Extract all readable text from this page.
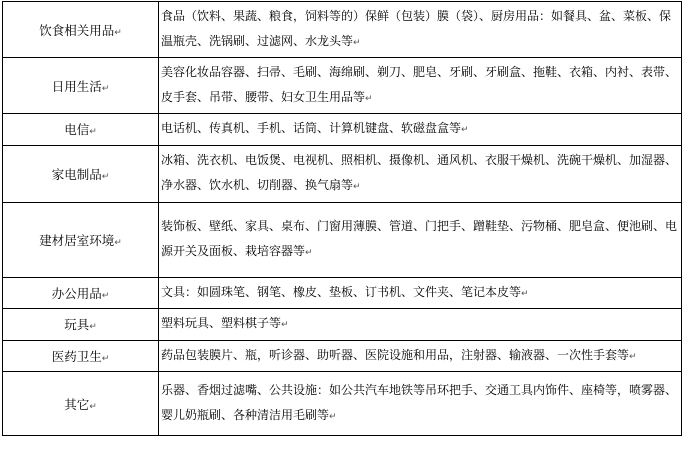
饮食相关用品↵	食品（饮料、果蔬、粮食，饲料等的）保鲜（包装）膜（袋）、厨房用品：如餐具、盆、菜板、保温瓶壳、洗锅刷、过滤网、水龙头等↵
日用生活↵	美容化妆品容器、扫帚、毛刷、海绵刷、剃刀、肥皂、牙刷、牙刷盒、拖鞋、衣箱、内衬、表带、皮手套、吊带、腰带、妇女卫生用品等↵
电信↵	电话机、传真机、手机、话筒、计算机键盘、软磁盘盒等↵
家电制品↵	冰箱、洗衣机、电饭煲、电视机、照相机、摄像机、通风机、衣服干燥机、洗碗干燥机、加湿器、净水器、饮水机、切削器、换气扇等↵
建材居室环境↵	装饰板、壁纸、家具、桌布、门窗用薄膜、管道、门把手、蹭鞋垫、污物桶、肥皂盒、便池刷、电源开关及面板、栽培容器等↵
办公用品↵	文具：如圆珠笔、钢笔、橡皮、垫板、订书机、文件夹、笔记本皮等↵
玩具↵	塑料玩具、塑料棋子等↵
医药卫生↵	药品包装膜片、瓶，听诊器、助听器、医院设施和用品，注射器、输液器、一次性手套等↵
其它↵	乐器、香烟过滤嘴、公共设施：如公共汽车地铁等吊环把手、交通工具内饰件、座椅等，喷雾器、婴儿奶瓶刷、各种清洁用毛刷等↵
